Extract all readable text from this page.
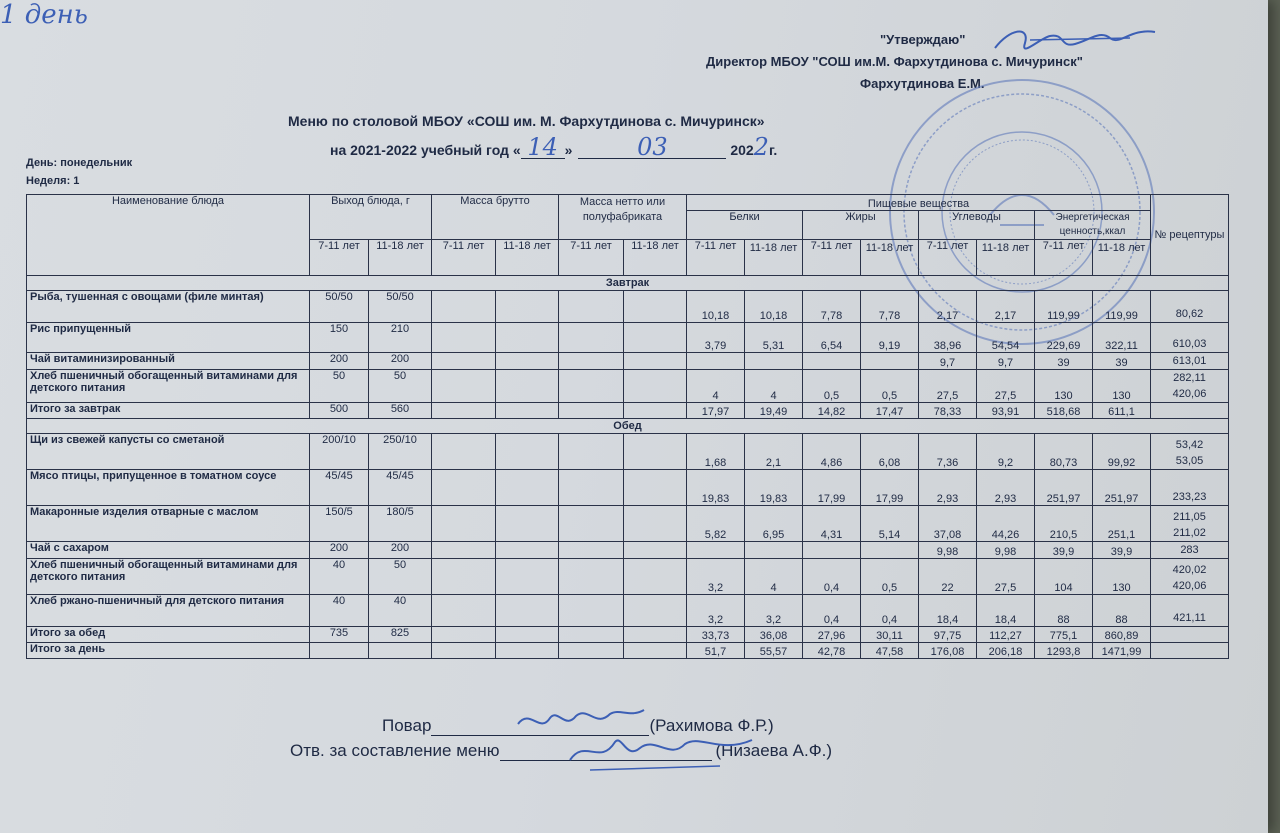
1 день
"Утверждаю"
Директор МБОУ "СОШ им.М. Фархутдинова с. Мичуринск"
Фархутдинова Е.М.
Меню по столовой МБОУ «СОШ им. М. Фархутдинова с. Мичуринск»
на 2021-2022 учебный год « 14 »	03	2022г.
День: понедельник
Неделя: 1
Наименование блюда	Выход блюда, г		Масса брутто		Масса нетто или полуфабриката		Пищевые вещества								№ рецептуры
							Белки		Жиры		Углеводы		Энергетическая ценность,ккал		
	7-11 лет	11-18 лет	7-11 лет	11-18 лет	7-11 лет	11-18 лет	7-11 лет	11-18 лет	7-11 лет	11-18 лет	7-11 лет	11-18 лет	7-11 лет	11-18 лет	
Завтрак															
Рыба, тушенная с овощами (филе минтая)	50/50	50/50					10,18	10,18	7,78	7,78	2,17	2,17	119,99	119,99	80,62
Рис припущенный	150	210					3,79	5,31	6,54	9,19	38,96	54,54	229,69	322,11	610,03
Чай витаминизированный	200	200									9,7	9,7	39	39	613,01
Хлеб пшеничный обогащенный витаминами для детского питания	50	50					4	4	0,5	0,5	27,5	27,5	130	130	282,11
420,06
Итого за завтрак	500	560					17,97	19,49	14,82	17,47	78,33	93,91	518,68	611,1	
Обед															
Щи из свежей капусты со сметаной	200/10	250/10					1,68	2,1	4,86	6,08	7,36	9,2	80,73	99,92	53,42
53,05
Мясо птицы, припущенное в томатном соусе	45/45	45/45					19,83	19,83	17,99	17,99	2,93	2,93	251,97	251,97	233,23
Макаронные изделия отварные с маслом	150/5	180/5					5,82	6,95	4,31	5,14	37,08	44,26	210,5	251,1	211,05
211,02
Чай с сахаром	200	200									9,98	9,98	39,9	39,9	283
Хлеб пшеничный обогащенный витаминами для детского питания	40	50					3,2	4	0,4	0,5	22	27,5	104	130	420,02
420,06
Хлеб ржано-пшеничный для детского питания	40	40					3,2	3,2	0,4	0,4	18,4	18,4	88	88	421,11
Итого за обед	735	825					33,73	36,08	27,96	30,11	97,75	112,27	775,1	860,89	
Итого за день							51,7	55,57	42,78	47,58	176,08	206,18	1293,8	1471,99	
Повар	(Рахимова Ф.Р.)
Отв. за составление меню	(Низаева А.Ф.)
